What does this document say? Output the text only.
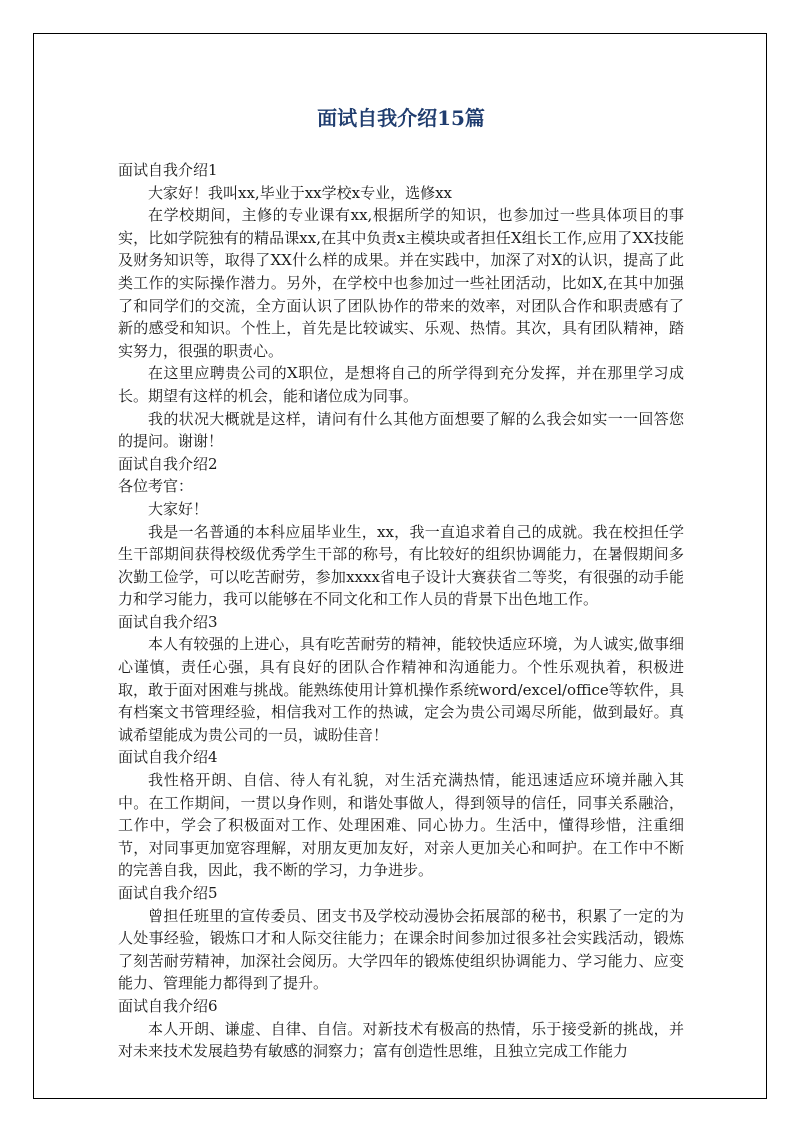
面试自我介绍15篇

面试自我介绍1

大家好！我叫xx,毕业于xx学校x专业，选修xx

在学校期间，主修的专业课有xx,根据所学的知识，也参加过一些具体项目的事实，比如学院独有的精品课xx,在其中负责x主模块或者担任X组长工作,应用了XX技能及财务知识等，取得了XX什么样的成果。并在实践中，加深了对X的认识，提高了此类工作的实际操作潜力。另外，在学校中也参加过一些社团活动，比如X,在其中加强了和同学们的交流，全方面认识了团队协作的带来的效率，对团队合作和职责感有了新的感受和知识。个性上，首先是比较诚实、乐观、热情。其次，具有团队精神，踏实努力，很强的职责心。

在这里应聘贵公司的X职位，是想将自己的所学得到充分发挥，并在那里学习成长。期望有这样的机会，能和诸位成为同事。

我的状况大概就是这样，请问有什么其他方面想要了解的么我会如实一一回答您的提问。谢谢！

面试自我介绍2

各位考官：

大家好！

我是一名普通的本科应届毕业生，xx，我一直追求着自己的成就。我在校担任学生干部期间获得校级优秀学生干部的称号，有比较好的组织协调能力，在暑假期间多次勤工俭学，可以吃苦耐劳，参加xxxx省电子设计大赛获省二等奖，有很强的动手能力和学习能力，我可以能够在不同文化和工作人员的背景下出色地工作。

面试自我介绍3

本人有较强的上进心，具有吃苦耐劳的精神，能较快适应环境，为人诚实,做事细心谨慎，责任心强，具有良好的团队合作精神和沟通能力。个性乐观执着，积极进取，敢于面对困难与挑战。能熟练使用计算机操作系统word/excel/office等软件，具有档案文书管理经验，相信我对工作的热诚，定会为贵公司竭尽所能，做到最好。真诚希望能成为贵公司的一员，诚盼佳音！

面试自我介绍4

我性格开朗、自信、待人有礼貌，对生活充满热情，能迅速适应环境并融入其中。在工作期间，一贯以身作则，和谐处事做人，得到领导的信任，同事关系融洽，工作中，学会了积极面对工作、处理困难、同心协力。生活中，懂得珍惜，注重细节，对同事更加宽容理解，对朋友更加友好，对亲人更加关心和呵护。在工作中不断的完善自我，因此，我不断的学习，力争进步。

面试自我介绍5

曾担任班里的宣传委员、团支书及学校动漫协会拓展部的秘书，积累了一定的为人处事经验，锻炼口才和人际交往能力；在课余时间参加过很多社会实践活动，锻炼了刻苦耐劳精神，加深社会阅历。大学四年的锻炼使组织协调能力、学习能力、应变能力、管理能力都得到了提升。

面试自我介绍6

本人开朗、谦虚、自律、自信。对新技术有极高的热情，乐于接受新的挑战，并对未来技术发展趋势有敏感的洞察力；富有创造性思维，且独立完成工作能力
